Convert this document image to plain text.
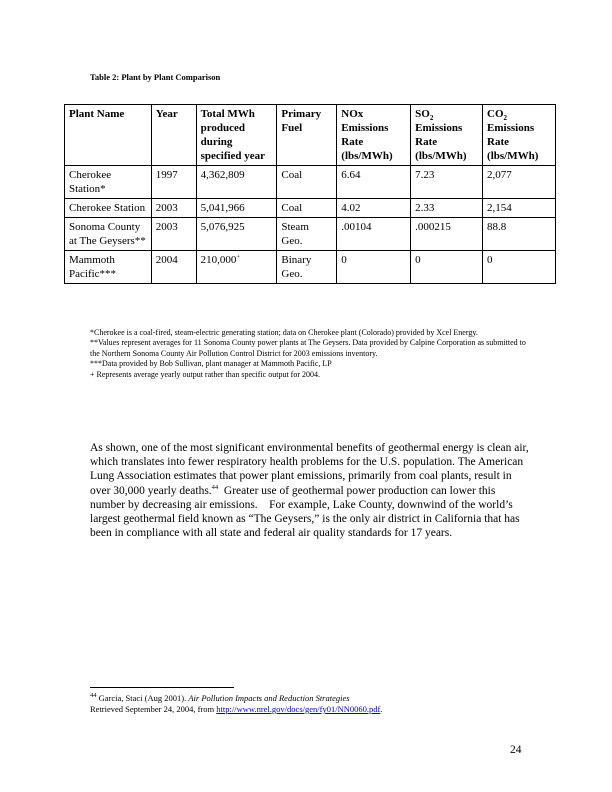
Table 2: Plant by Plant Comparison
Plant Name	Year	Total MWh produced during specified year	Primary Fuel	NOx Emissions Rate (lbs/MWh)	$SO_2$ Emissions Rate (lbs/MWh)	$CO_2$ Emissions Rate (lbs/MWh)
Cherokee Station*	1997	4,362,809	Coal	6.64	7.23	2,077
Cherokee Station	2003	5,041,966	Coal	4.02	2.33	2,154
Sonoma County at The Geysers**	2003	5,076,925	Steam Geo.	.00104	.000215	88.8
Mammoth Pacific***	2004	210,000+	Binary Geo.	0	0	0

*Cherokee is a coal-fired, steam-electric generating station; data on Cherokee plant (Colorado) provided by Xcel Energy.

**Values represent averages for 11 Sonoma County power plants at The Geysers. Data provided by Calpine Corporation as submitted to the Northern Sonoma County Air Pollution Control District for 2003 emissions inventory.

***Data provided by Bob Sullivan, plant manager at Mammoth Pacific, LP

+ Represents average yearly output rather than specific output for 2004.

As shown, one of the most significant environmental benefits of geothermal energy is clean air, which translates into fewer respiratory health problems for the U.S. population. The American Lung Association estimates that power plant emissions, primarily from coal plants, result in over 30,000 yearly deaths.$^{44}$  Greater use of geothermal power production can lower this number by decreasing air emissions.    For example, Lake County, downwind of the world’s largest geothermal field known as “The Geysers,” is the only air district in California that has been in compliance with all state and federal air quality standards for 17 years.

$^{44}$ Garcia, Staci (Aug 2001). Air Pollution Impacts and Reduction Strategies

Retrieved September 24, 2004, from http://www.nrel.gov/docs/gen/fy01/NN0060.pdf.

24
